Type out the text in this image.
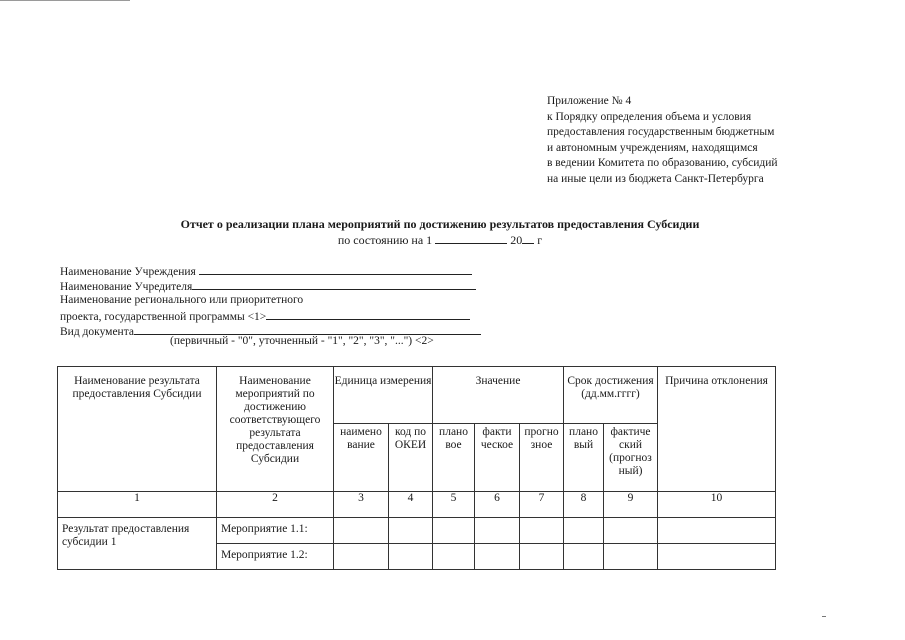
Приложение № 4
к Порядку определения объема и условия
предоставления государственным бюджетным
и автономным учреждениям, находящимся
в ведении Комитета по образованию, субсидий
на иные цели из бюджета Санкт-Петербурга
Отчет о реализации плана мероприятий по достижению результатов предоставления Субсидии
по состоянию на 1	20 г
Наименование Учреждения
Наименование Учредителя
Наименование регионального или приоритетного
проекта, государственной программы <1>
Вид документа
(первичный - "0", уточненный - "1", "2", "3", "...") <2>
Наименование результата предоставления Субсидии	Наименование мероприятий по достижению соответствующего результата предоставления Субсидии	Единица измерения		Значение			Срок достижения (дд.мм.гггг)		Причина отклонения
		наимено вание	код по ОКЕИ	плано вое	факти ческое	прогно зное	плано вый	фактиче ский (прогноз ный)	
1	2	3	4	5	6	7	8	9	10
Результат предоставления субсидии 1	Мероприятие 1.1:								
	Мероприятие 1.2:								
